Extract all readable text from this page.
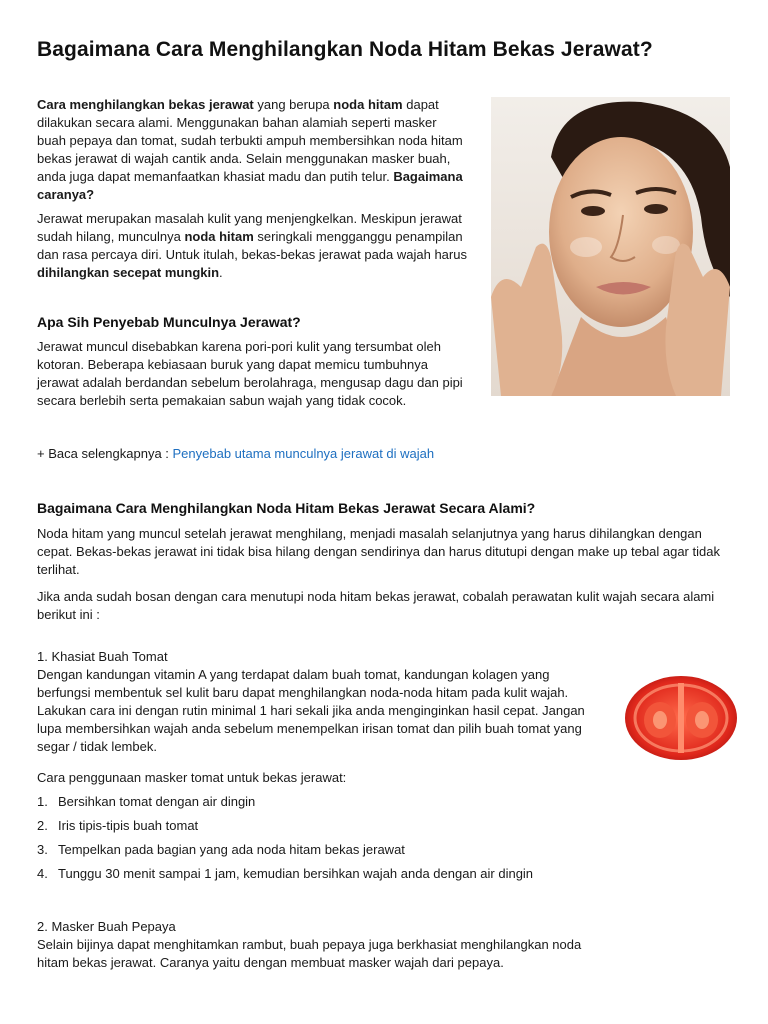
Bagaimana Cara Menghilangkan Noda Hitam Bekas Jerawat?

Cara menghilangkan bekas jerawat yang berupa noda hitam dapat dilakukan secara alami. Menggunakan bahan alamiah seperti masker buah pepaya dan tomat, sudah terbukti ampuh membersihkan noda hitam bekas jerawat di wajah cantik anda. Selain menggunakan masker buah, anda juga dapat memanfaatkan khasiat madu dan putih telur. Bagaimana caranya?

Jerawat merupakan masalah kulit yang menjengkelkan. Meskipun jerawat sudah hilang, munculnya noda hitam seringkali mengganggu penampilan dan rasa percaya diri. Untuk itulah, bekas-bekas jerawat pada wajah harus dihilangkan secepat mungkin.

Apa Sih Penyebab Munculnya Jerawat?

Jerawat muncul disebabkan karena pori-pori kulit yang tersumbat oleh kotoran. Beberapa kebiasaan buruk yang dapat memicu tumbuhnya jerawat adalah berdandan sebelum berolahraga, mengusap dagu dan pipi secara berlebih serta pemakaian sabun wajah yang tidak cocok.

+ Baca selengkapnya : Penyebab utama munculnya jerawat di wajah

Bagaimana Cara Menghilangkan Noda Hitam Bekas Jerawat Secara Alami?

Noda hitam yang muncul setelah jerawat menghilang, menjadi masalah selanjutnya yang harus dihilangkan dengan cepat. Bekas-bekas jerawat ini tidak bisa hilang dengan sendirinya dan harus ditutupi dengan make up tebal agar tidak terlihat.

Jika anda sudah bosan dengan cara menutupi noda hitam bekas jerawat, cobalah perawatan kulit wajah secara alami berikut ini :

1. Khasiat Buah Tomat

Dengan kandungan vitamin A yang terdapat dalam buah tomat, kandungan kolagen yang berfungsi membentuk sel kulit baru dapat menghilangkan noda-noda hitam pada kulit wajah. Lakukan cara ini dengan rutin minimal 1 hari sekali jika anda menginginkan hasil cepat. Jangan lupa membersihkan wajah anda sebelum menempelkan irisan tomat dan pilih buah tomat yang segar / tidak lembek.

Cara penggunaan masker tomat untuk bekas jerawat:

1. Bersihkan tomat dengan air dingin
2. Iris tipis-tipis buah tomat
3. Tempelkan pada bagian yang ada noda hitam bekas jerawat
4. Tunggu 30 menit sampai 1 jam, kemudian bersihkan wajah anda dengan air dingin

2. Masker Buah Pepaya

Selain bijinya dapat menghitamkan rambut, buah pepaya juga berkhasiat menghilangkan noda hitam bekas jerawat. Caranya yaitu dengan membuat masker wajah dari pepaya.
